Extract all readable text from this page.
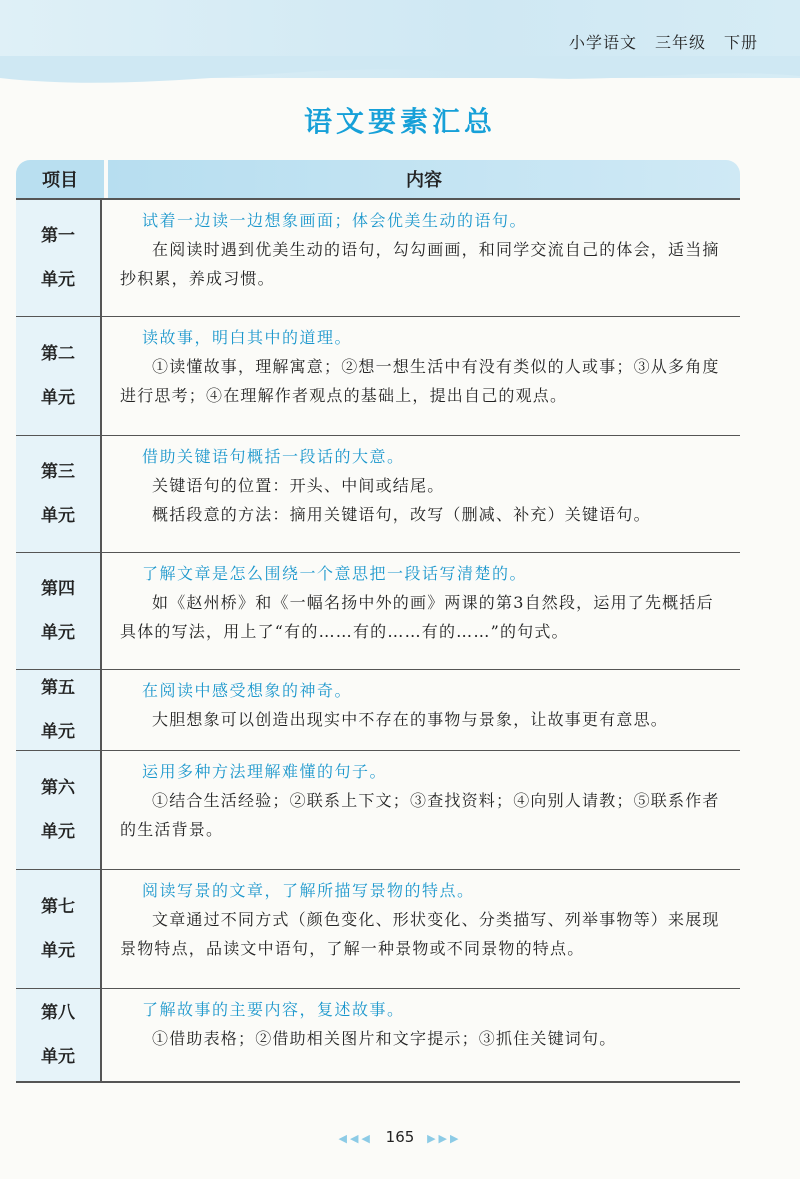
小学语文 三年级 下册
语文要素汇总
项目	内容
第一
单元
试着一边读一边想象画面；体会优美生动的语句。
在阅读时遇到优美生动的语句，勾勾画画，和同学交流自己的体会，适当摘抄积累，养成习惯。
第二
单元
读故事，明白其中的道理。
①读懂故事，理解寓意；②想一想生活中有没有类似的人或事；③从多角度进行思考；④在理解作者观点的基础上，提出自己的观点。
第三
单元
借助关键语句概括一段话的大意。
关键语句的位置：开头、中间或结尾。
概括段意的方法：摘用关键语句，改写（删减、补充）关键语句。
第四
单元
了解文章是怎么围绕一个意思把一段话写清楚的。
如《赵州桥》和《一幅名扬中外的画》两课的第3自然段，运用了先概括后具体的写法，用上了“有的……有的……有的……”的句式。
第五
单元
在阅读中感受想象的神奇。
大胆想象可以创造出现实中不存在的事物与景象，让故事更有意思。
第六
单元
运用多种方法理解难懂的句子。
①结合生活经验；②联系上下文；③查找资料；④向别人请教；⑤联系作者的生活背景。
第七
单元
阅读写景的文章，了解所描写景物的特点。
文章通过不同方式（颜色变化、形状变化、分类描写、列举事物等）来展现景物特点，品读文中语句，了解一种景物或不同景物的特点。
第八
单元
了解故事的主要内容，复述故事。
①借助表格；②借助相关图片和文字提示；③抓住关键词句。
◀◀◀ 165 ▶▶▶
